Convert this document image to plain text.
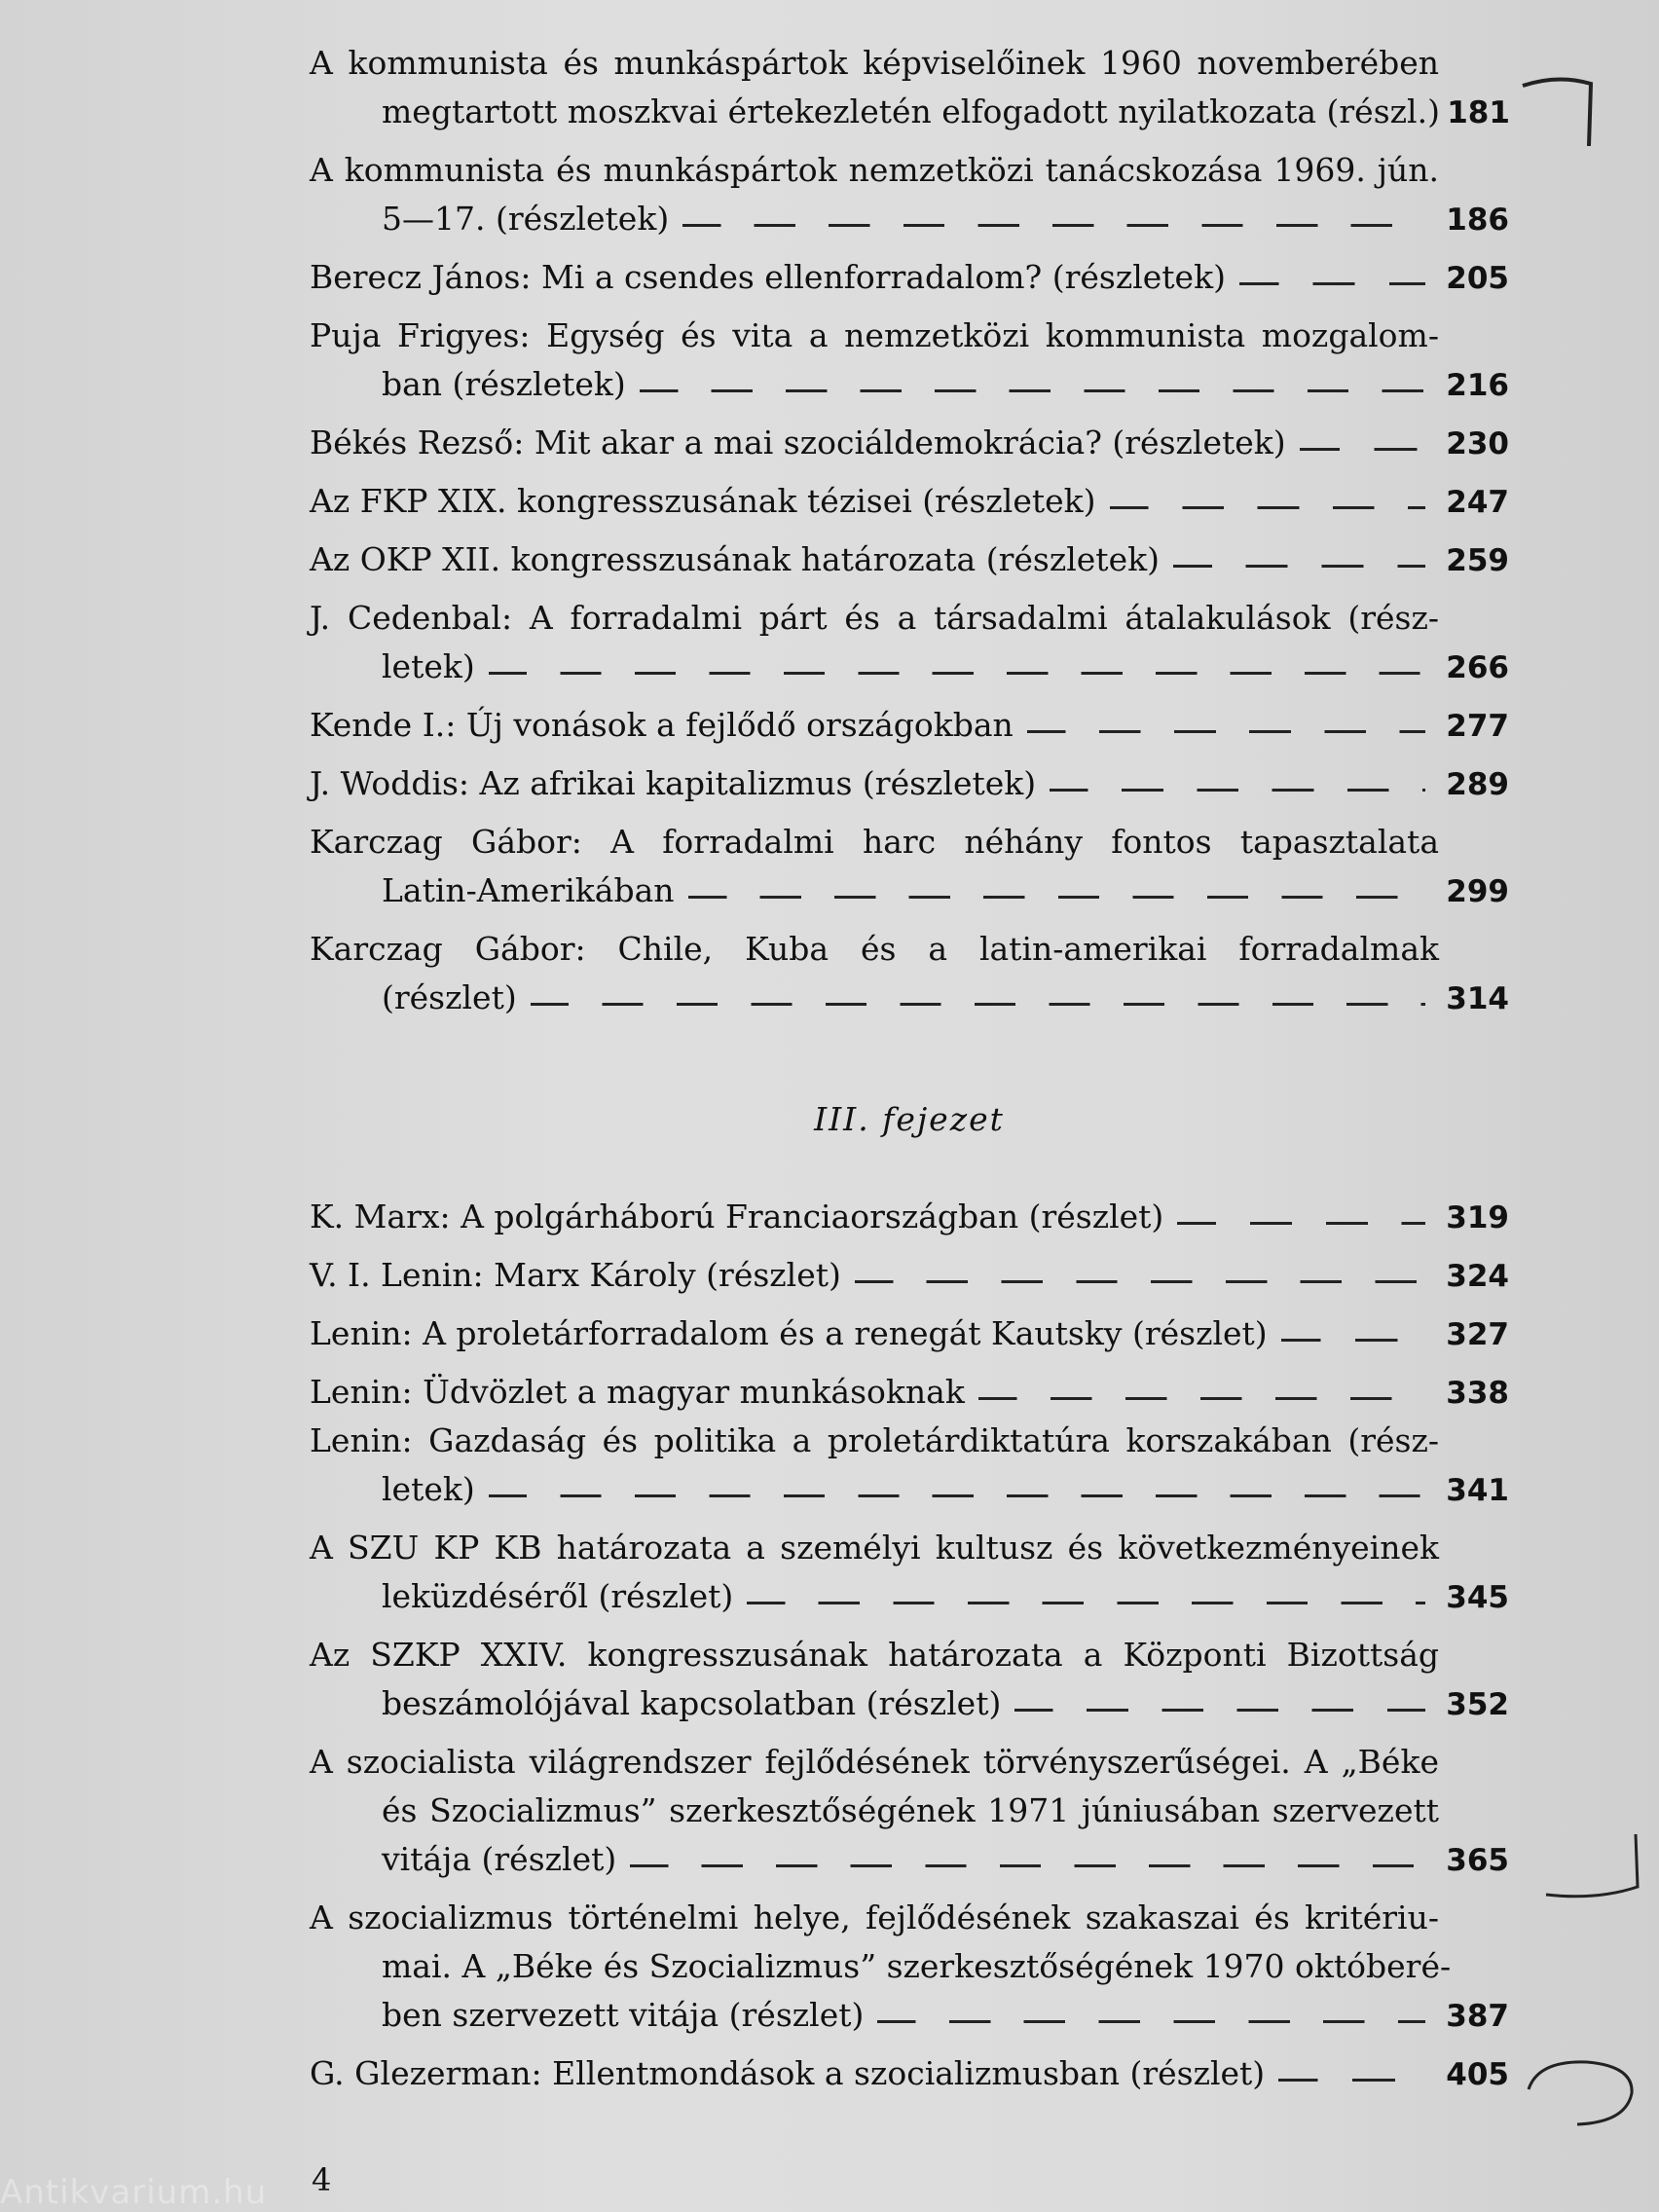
A kommunista és munkáspártok képviselőinek 1960 novemberében
megtartott moszkvai értekezletén elfogadott nyilatkozata (részl.) 181
A kommunista és munkáspártok nemzetközi tanácskozása 1969. jún.
5—17. (részletek)	186
Berecz János: Mi a csendes ellenforradalom? (részletek)	205
Puja Frigyes: Egység és vita a nemzetközi kommunista mozgalom-
ban (részletek)	216
Békés Rezső: Mit akar a mai szociáldemokrácia? (részletek)	230
Az FKP XIX. kongresszusának tézisei (részletek)	247
Az OKP XII. kongresszusának határozata (részletek)	259
J. Cedenbal: A forradalmi párt és a társadalmi átalakulások (rész-
letek)	266
Kende I.: Új vonások a fejlődő országokban	277
J. Woddis: Az afrikai kapitalizmus (részletek)	289
Karczag Gábor: A forradalmi harc néhány fontos tapasztalata
Latin-Amerikában	299
Karczag Gábor: Chile, Kuba és a latin-amerikai forradalmak
(részlet)	314
III. fejezet
K. Marx: A polgárháború Franciaországban (részlet)	319
V. I. Lenin: Marx Károly (részlet)	324
Lenin: A proletárforradalom és a renegát Kautsky (részlet)	327
Lenin: Üdvözlet a magyar munkásoknak	338
Lenin: Gazdaság és politika a proletárdiktatúra korszakában (rész-
letek)	341
A SZU KP KB határozata a személyi kultusz és következményeinek
leküzdéséről (részlet)	345
Az SZKP XXIV. kongresszusának határozata a Központi Bizottság
beszámolójával kapcsolatban (részlet)	352
A szocialista világrendszer fejlődésének törvényszerűségei. A „Béke
és Szocializmus” szerkesztőségének 1971 júniusában szervezett
vitája (részlet)	365
A szocializmus történelmi helye, fejlődésének szakaszai és kritériu-
mai. A „Béke és Szocializmus” szerkesztőségének 1970 októberé-
ben szervezett vitája (részlet)	387
G. Glezerman: Ellentmondások a szocializmusban (részlet)	405
4
Antikvarium.hu
